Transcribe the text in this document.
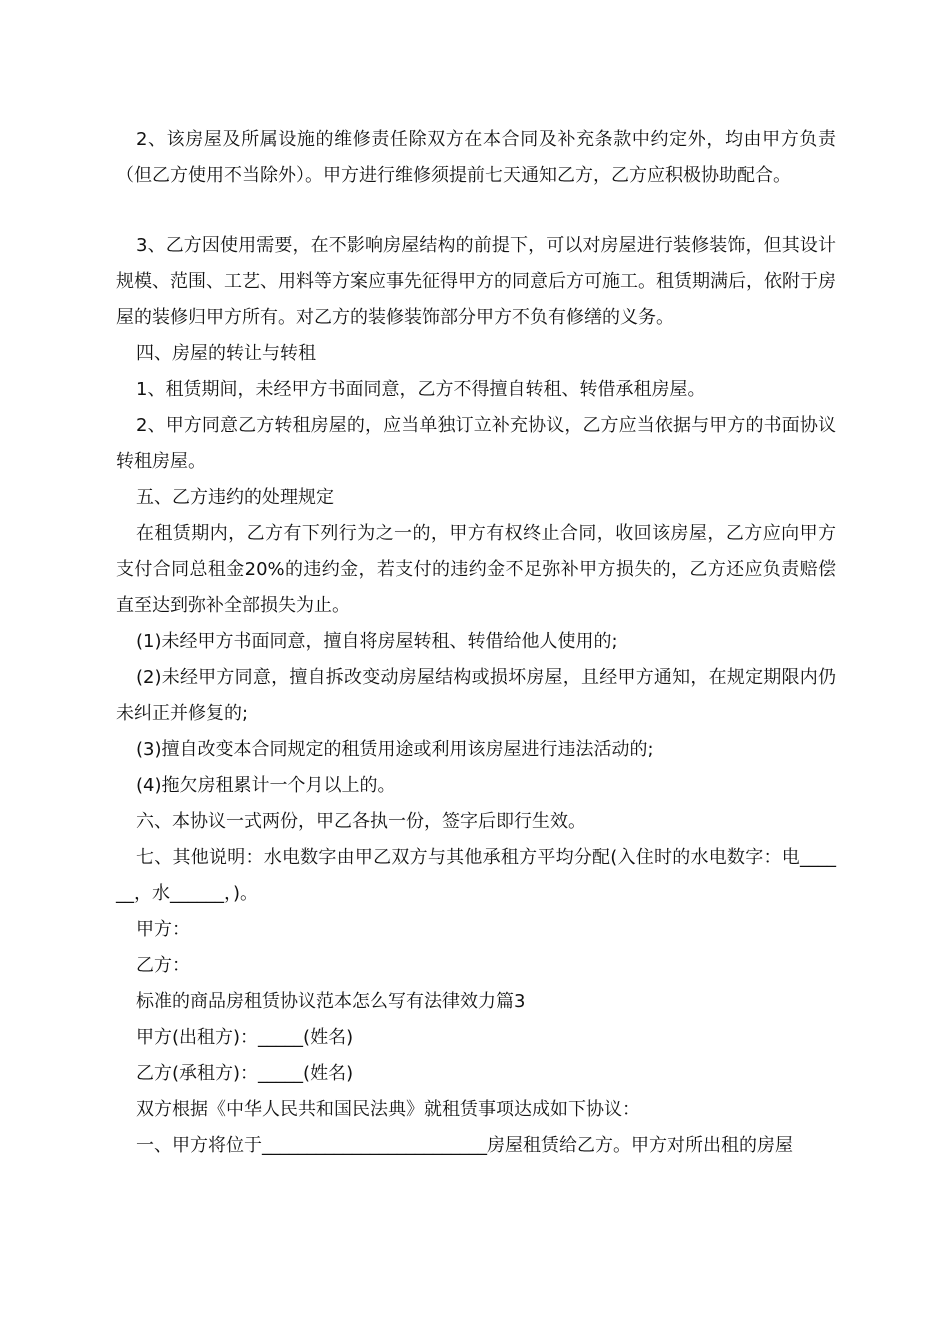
2、该房屋及所属设施的维修责任除双方在本合同及补充条款中约定外，均由甲方负责（但乙方使用不当除外）。甲方进行维修须提前七天通知乙方，乙方应积极协助配合。

3、乙方因使用需要，在不影响房屋结构的前提下，可以对房屋进行装修装饰，但其设计规模、范围、工艺、用料等方案应事先征得甲方的同意后方可施工。租赁期满后，依附于房屋的装修归甲方所有。对乙方的装修装饰部分甲方不负有修缮的义务。

四、房屋的转让与转租

1、租赁期间，未经甲方书面同意，乙方不得擅自转租、转借承租房屋。

2、甲方同意乙方转租房屋的，应当单独订立补充协议，乙方应当依据与甲方的书面协议转租房屋。

五、乙方违约的处理规定

在租赁期内，乙方有下列行为之一的，甲方有权终止合同，收回该房屋，乙方应向甲方支付合同总租金20%的违约金，若支付的违约金不足弥补甲方损失的，乙方还应负责赔偿直至达到弥补全部损失为止。

(1)未经甲方书面同意，擅自将房屋转租、转借给他人使用的;

(2)未经甲方同意，擅自拆改变动房屋结构或损坏房屋，且经甲方通知，在规定期限内仍未纠正并修复的;

(3)擅自改变本合同规定的租赁用途或利用该房屋进行违法活动的;

(4)拖欠房租累计一个月以上的。

六、本协议一式两份，甲乙各执一份，签字后即行生效。

七、其他说明：水电数字由甲乙双方与其他承租方平均分配(入住时的水电数字：电______，水______，)。

甲方：

乙方：

标准的商品房租赁协议范本怎么写有法律效力篇3

甲方(出租方)：_____(姓名)

乙方(承租方)：_____(姓名)

双方根据《中华人民共和国民法典》就租赁事项达成如下协议：

一、甲方将位于_________________________房屋租赁给乙方。甲方对所出租的房屋
